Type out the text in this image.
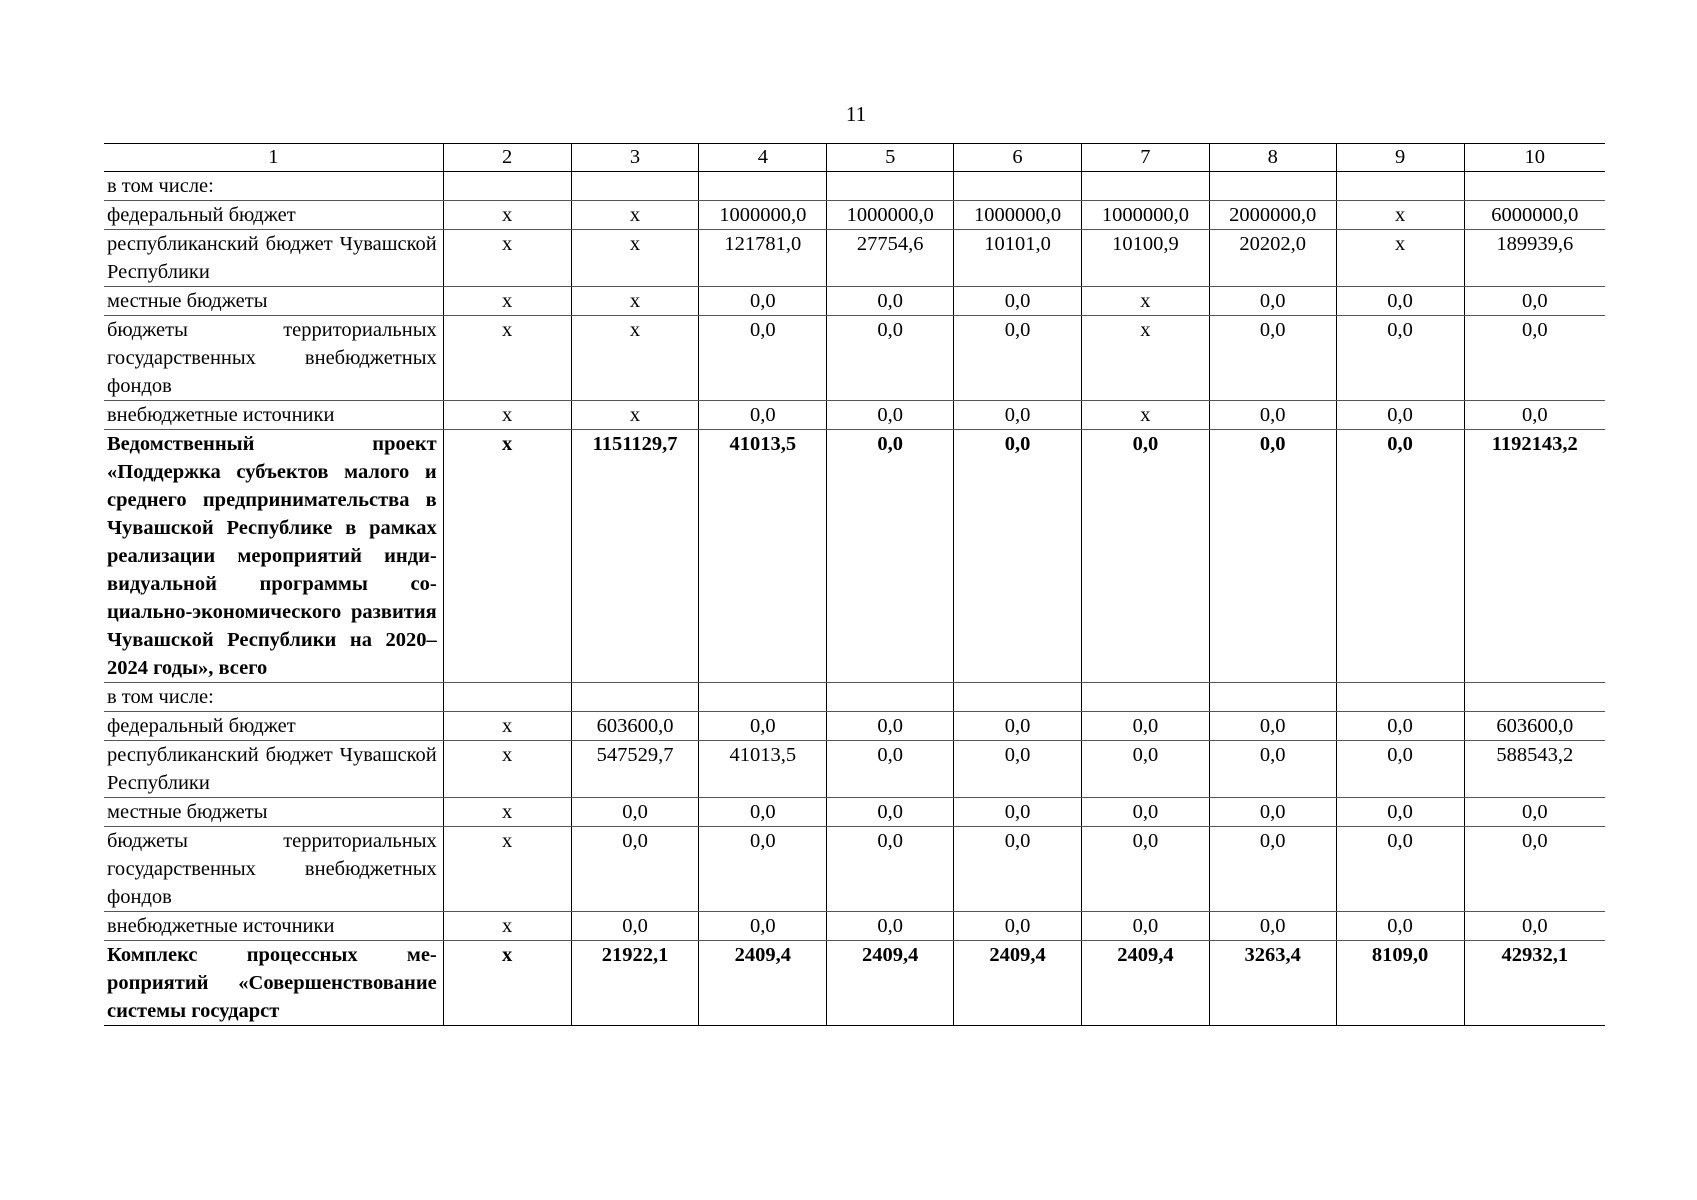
11
1	2	3	4	5	6	7	8	9	10
в том числе:									
федеральный бюджет	х	х	1000000,0	1000000,0	1000000,0	1000000,0	2000000,0	х	6000000,0
республиканский бюджет Чувашской Республики	х	х	121781,0	27754,6	10101,0	10100,9	20202,0	х	189939,6
местные бюджеты	х	х	0,0	0,0	0,0	х	0,0	0,0	0,0
бюджеты территориальных государственных внебюджетных фондов	х	х	0,0	0,0	0,0	х	0,0	0,0	0,0
внебюджетные источники	х	х	0,0	0,0	0,0	х	0,0	0,0	0,0
Ведомственный проект «Поддержка субъектов малого и среднего предпринимательства в Чувашской Республике в рамках реализации мероприятий индивидуальной программы социально-экономического развития Чувашской Республики на 2020–2024 годы», всего	х	1151129,7	41013,5	0,0	0,0	0,0	0,0	0,0	1192143,2
в том числе:									
федеральный бюджет	х	603600,0	0,0	0,0	0,0	0,0	0,0	0,0	603600,0
республиканский бюджет Чувашской Республики	х	547529,7	41013,5	0,0	0,0	0,0	0,0	0,0	588543,2
местные бюджеты	х	0,0	0,0	0,0	0,0	0,0	0,0	0,0	0,0
бюджеты территориальных государственных внебюджетных фондов	х	0,0	0,0	0,0	0,0	0,0	0,0	0,0	0,0
внебюджетные источники	х	0,0	0,0	0,0	0,0	0,0	0,0	0,0	0,0
Комплекс процессных мероприятий «Совершенствование системы государст	х	21922,1	2409,4	2409,4	2409,4	2409,4	3263,4	8109,0	42932,1
